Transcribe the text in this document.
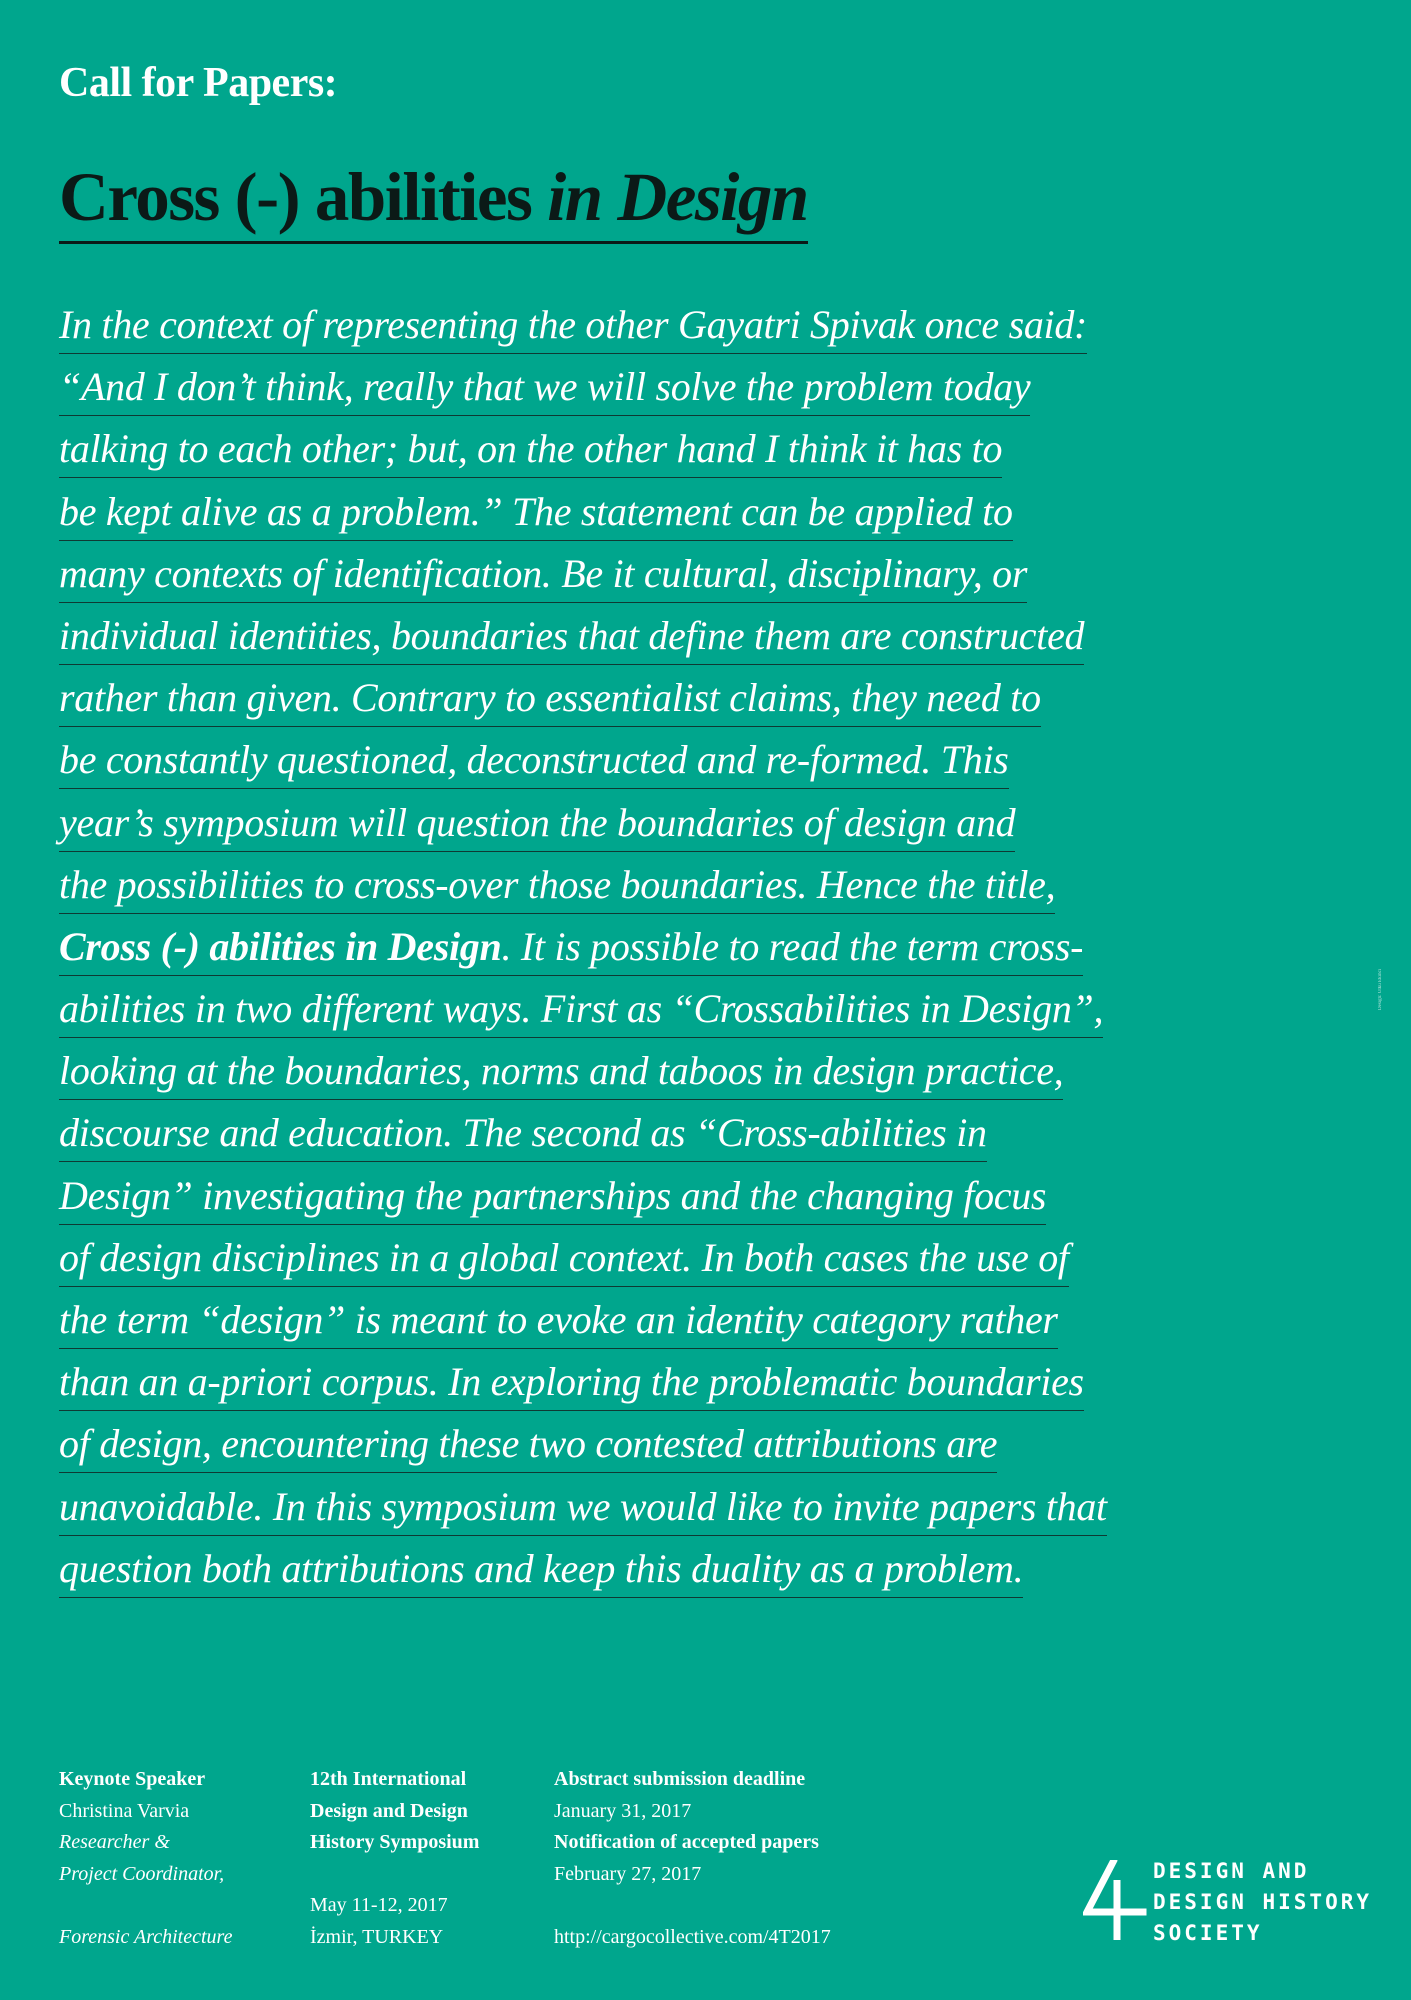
Call for Papers:
Cross (-) abilities in Design
In the context of representing the other Gayatri Spivak once said:
“And I don’t think, really that we will solve the problem today
talking to each other; but, on the other hand I think it has to
be kept alive as a problem.” The statement can be applied to
many contexts of identification. Be it cultural, disciplinary, or
individual identities, boundaries that define them are constructed
rather than given. Contrary to essentialist claims, they need to
be constantly questioned, deconstructed and re-formed. This
year’s symposium will question the boundaries of design and
the possibilities to cross-over those boundaries. Hence the title,
Cross (-) abilities in Design. It is possible to read the term cross-
abilities in two different ways. First as “Crossabilities in Design”,
looking at the boundaries, norms and taboos in design practice,
discourse and education. The second as “Cross-abilities in
Design” investigating the partnerships and the changing focus
of design disciplines in a global context. In both cases the use of
the term “design” is meant to evoke an identity category rather
than an a-priori corpus. In exploring the problematic boundaries
of design, encountering these two contested attributions are
unavoidable. In this symposium we would like to invite papers that
question both attributions and keep this duality as a problem.
Keynote Speaker
Christina Varvia
Researcher &
Project Coordinator,
Forensic Architecture
12th International
Design and Design
History Symposium
May 11-12, 2017
İzmir, TURKEY
Abstract submission deadline
January 31, 2017
Notification of accepted papers
February 27, 2017
http://cargocollective.com/4T2017
DESIGN AND
DESIGN HISTORY
SOCIETY
Design: Utku Ekinci
